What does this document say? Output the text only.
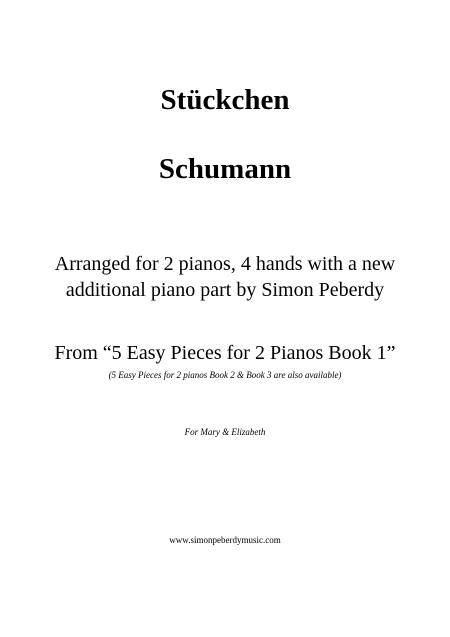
Stückchen
Schumann
Arranged for 2 pianos, 4 hands with a new
additional piano part by Simon Peberdy
From “5 Easy Pieces for 2 Pianos Book 1”
(5 Easy Pieces for 2 pianos Book 2 & Book 3 are also available)
For Mary & Elizabeth
www.simonpeberdymusic.com
